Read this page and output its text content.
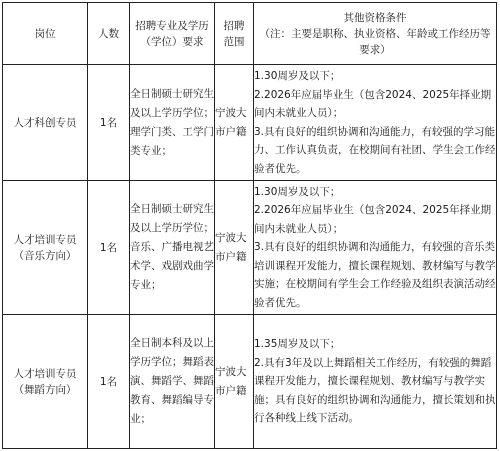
岗位	人数	招聘专业及学历（学位）要求	招聘范围	其他资格条件
（注：主要是职称、执业资格、年龄或工作经历等要求）

人才科创专员	1名	全日制硕士研究生及以上学历学位；理学门类、工学门类专业；	宁波大市户籍	1.30周岁及以下；
2.2026年应届毕业生（包含2024、2025年择业期间内未就业人员）；
3.具有良好的组织协调和沟通能力，有较强的学习能力、工作认真负责，在校期间有社团、学生会工作经验者优先。

人才培训专员
（音乐方向）	1名	全日制硕士研究生及以上学历学位；音乐、广播电视艺术学、戏剧戏曲学专业；	宁波大市户籍	1.30周岁及以下；
2.2026年应届毕业生（包含2024、2025年择业期间内未就业人员）；
3.具有良好的组织协调和沟通能力，有较强的音乐类培训课程开发能力，擅长课程规划、教材编写与教学实施；在校期间有学生会工作经验及组织表演活动经验者优先。

人才培训专员
（舞蹈方向）	1名	全日制本科及以上学历学位；舞蹈表演、舞蹈学、舞蹈教育、舞蹈编导专业；	宁波大市户籍	1.35周岁及以下；
2.具有3年及以上舞蹈相关工作经历，有较强的舞蹈课程开发能力，擅长课程规划、教材编写与教学实施；具有良好的组织协调和沟通能力，擅长策划和执行各种线上线下活动。
